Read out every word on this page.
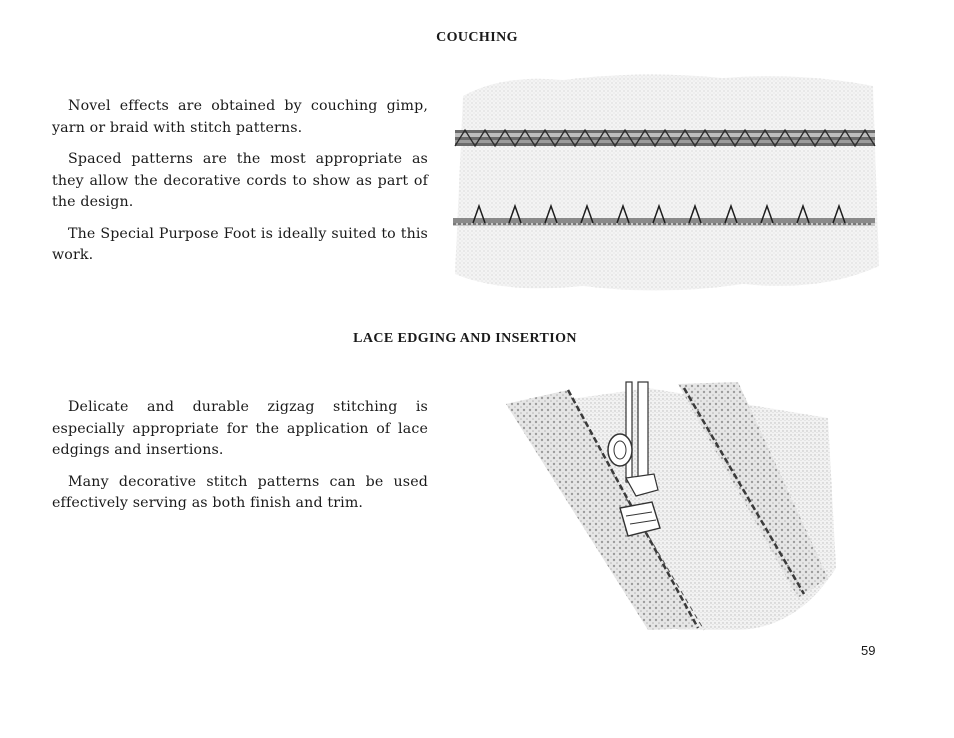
COUCHING

Novel effects are obtained by couching gimp, yarn or braid with stitch patterns.

Spaced patterns are the most appropriate as they allow the decorative cords to show as part of the design.

The Special Purpose Foot is ideally suited to this work.

LACE EDGING AND INSERTION

Delicate and durable zigzag stitching is especially appropriate for the application of lace edgings and insertions.

Many decorative stitch patterns can be used effectively serving as both finish and trim.

59
